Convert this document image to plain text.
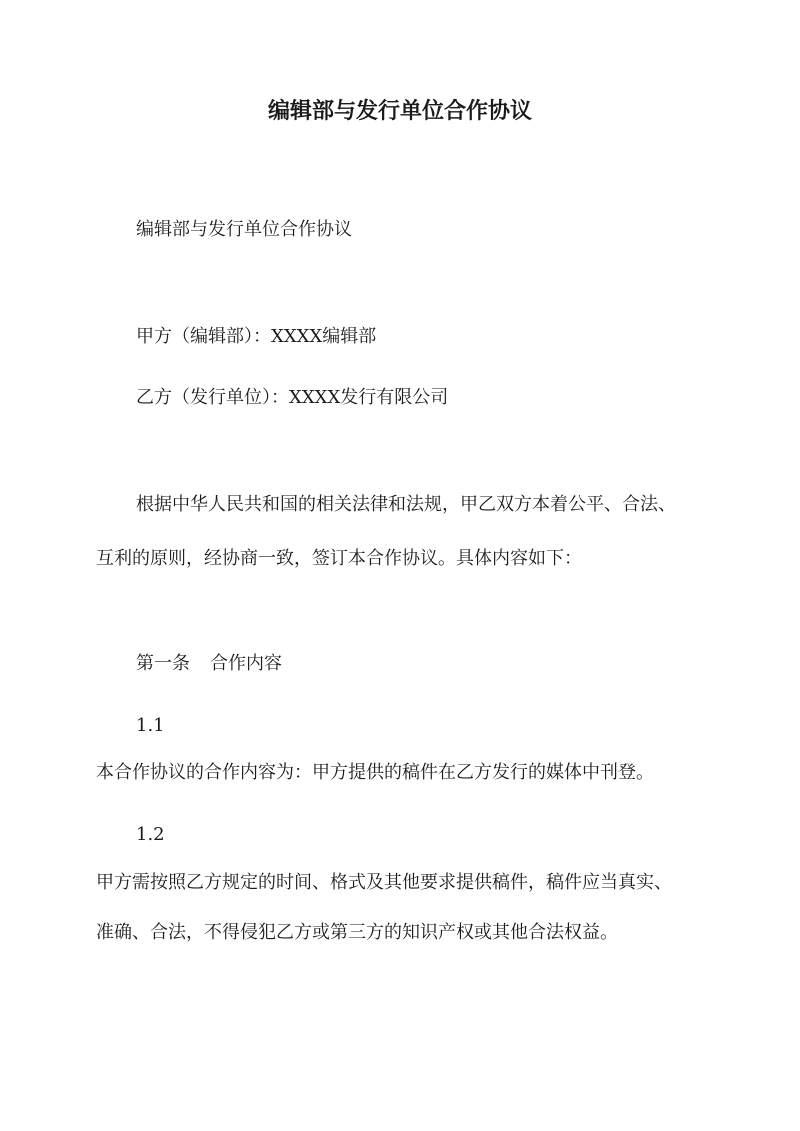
编辑部与发行单位合作协议
编辑部与发行单位合作协议
甲方（编辑部）：XXXX编辑部
乙方（发行单位）：XXXX发行有限公司
根据中华人民共和国的相关法律和法规，甲乙双方本着公平、合法、
互利的原则，经协商一致，签订本合作协议。具体内容如下：
第一条 合作内容
1.1
本合作协议的合作内容为：甲方提供的稿件在乙方发行的媒体中刊登。
1.2
甲方需按照乙方规定的时间、格式及其他要求提供稿件，稿件应当真实、
准确、合法，不得侵犯乙方或第三方的知识产权或其他合法权益。
